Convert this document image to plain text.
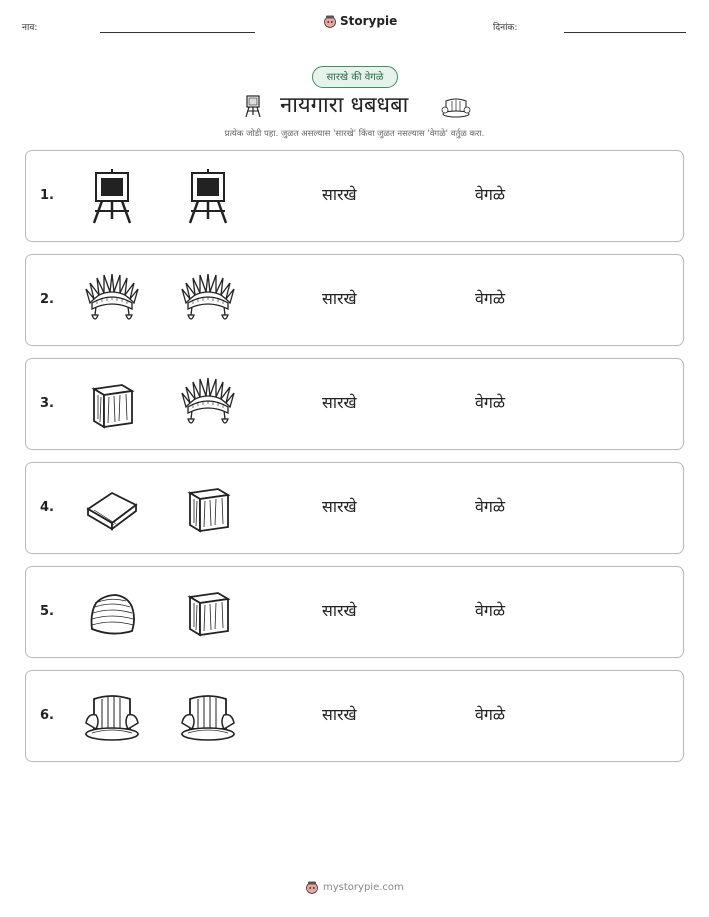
नाव:	Storypie	दिनांक:
सारखे की वेगळे
नायगारा धबधबा
प्रत्येक जोडी पहा. जुळत असल्यास 'सारखे' किंवा जुळत नसल्यास 'वेगळे' वर्तुळ करा.
1.	सारखे	वेगळे
2.	सारखे	वेगळे
3.	सारखे	वेगळे
4.	सारखे	वेगळे
5.	सारखे	वेगळे
6.	सारखे	वेगळे
mystorypie.com
